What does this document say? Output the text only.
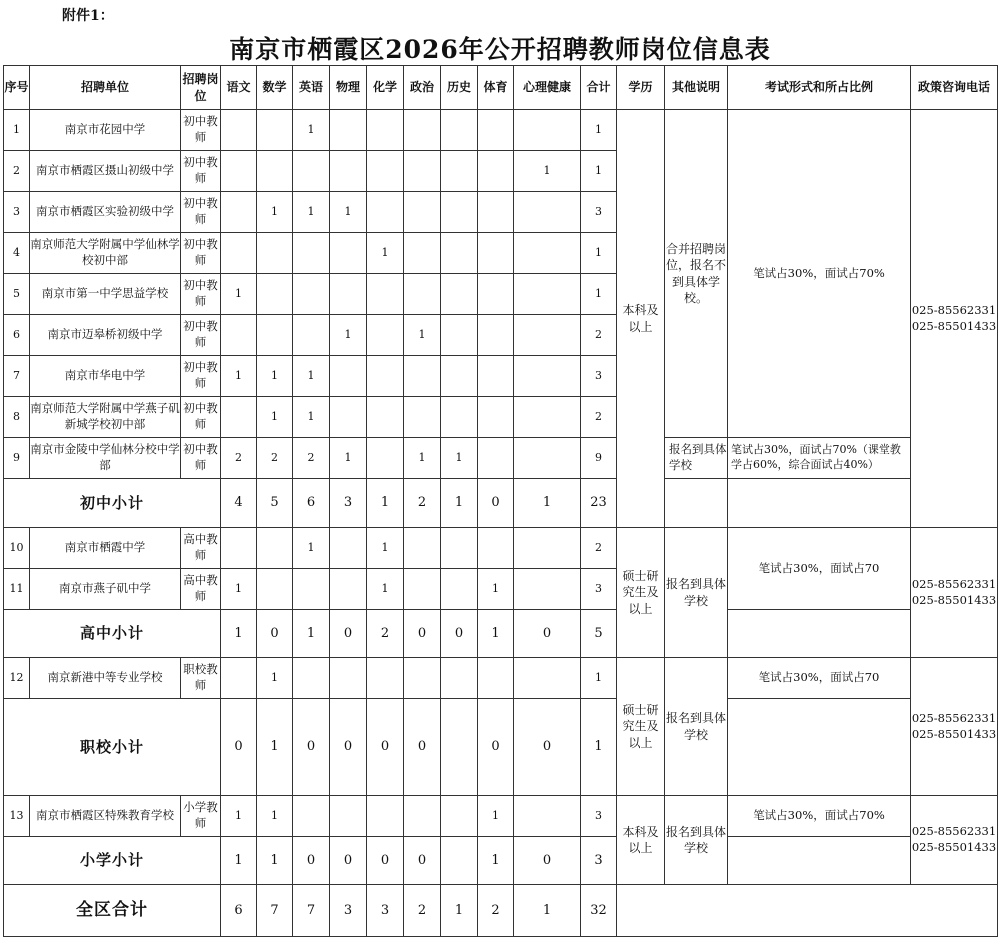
附件1：
南京市栖霞区2026年公开招聘教师岗位信息表
序号	招聘单位	招聘岗位	语文	数学	英语	物理	化学	政治	历史	体育	心理健康	合计	学历	其他说明	考试形式和所占比例	政策咨询电话
1	南京市花园中学	初中教师			1							1	本科及以上	合并招聘岗位，报名不到具体学校。	笔试占30%，面试占70%	025-85562331 025-85501433
2	南京市栖霞区摄山初级中学	初中教师									1	1				
3	南京市栖霞区实验初级中学	初中教师		1	1	1						3				
4	南京师范大学附属中学仙林学校初中部	初中教师					1					1				
5	南京市第一中学思益学校	初中教师	1									1				
6	南京市迈皋桥初级中学	初中教师				1		1				2				
7	南京市华电中学	初中教师	1	1	1							3				
8	南京师范大学附属中学燕子矶新城学校初中部	初中教师		1	1							2				
9	南京市金陵中学仙林分校中学部	初中教师	2	2	2	1		1	1			9		报名到具体学校	笔试占30%，面试占70%（课堂教学占60%，综合面试占40%）	
初中小计			4	5	6	3	1	2	1	0	1	23				
10	南京市栖霞中学	高中教师			1		1					2	硕士研究生及以上	报名到具体学校	笔试占30%，面试占70	025-85562331 025-85501433
11	南京市燕子矶中学	高中教师	1				1			1		3				
高中小计			1	0	1	0	2	0	0	1	0	5				
12	南京新港中等专业学校	职校教师		1								1	硕士研究生及以上	报名到具体学校	笔试占30%，面试占70	025-85562331 025-85501433
职校小计			0	1	0	0	0	0		0	0	1				
13	南京市栖霞区特殊教育学校	小学教师	1	1						1		3	本科及以上	报名到具体学校	笔试占30%，面试占70%	025-85562331 025-85501433
小学小计			1	1	0	0	0	0		1	0	3				
全区合计			6	7	7	3	3	2	1	2	1	32				
